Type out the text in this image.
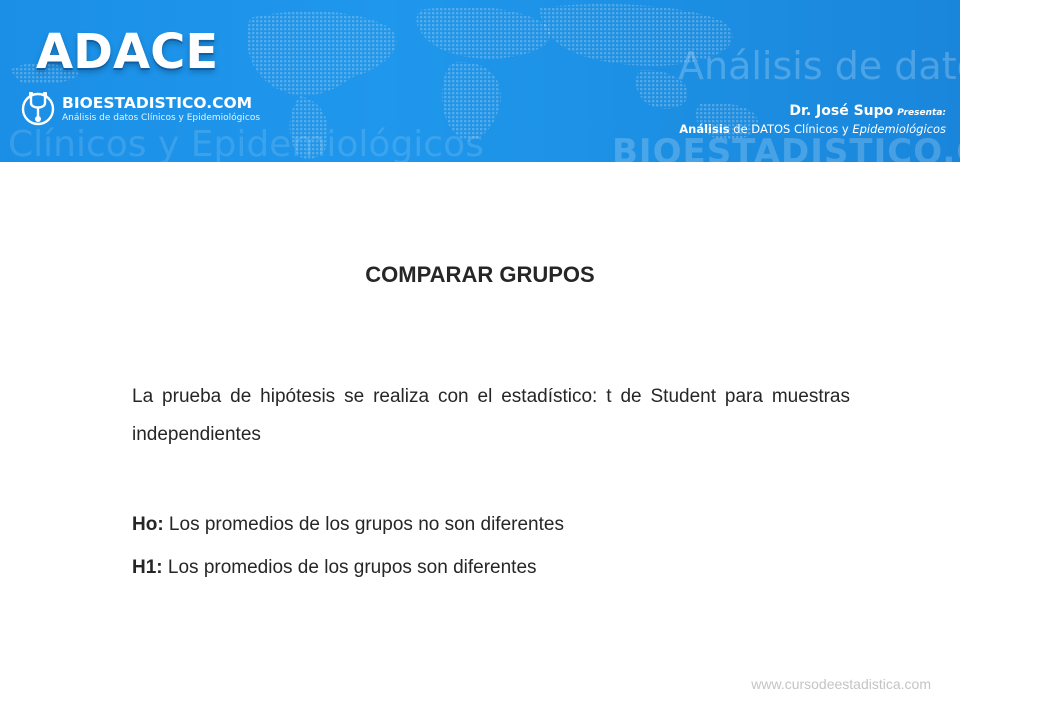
Análisis de datos

Clínicos y Epidemiológicos	BIOESTADISTICO.COM

ADACE

BIOESTADISTICO.COM

Análisis de datos Clínicos y Epidemiológicos	Dr. José Supo Presenta:

Análisis de DATOS Clínicos y Epidemiológicos

COMPARAR GRUPOS

La prueba de hipótesis se realiza con el estadístico: t de Student para muestras independientes

Ho: Los promedios de los grupos no son diferentes

H1: Los promedios de los grupos son diferentes

www.cursodeestadistica.com
